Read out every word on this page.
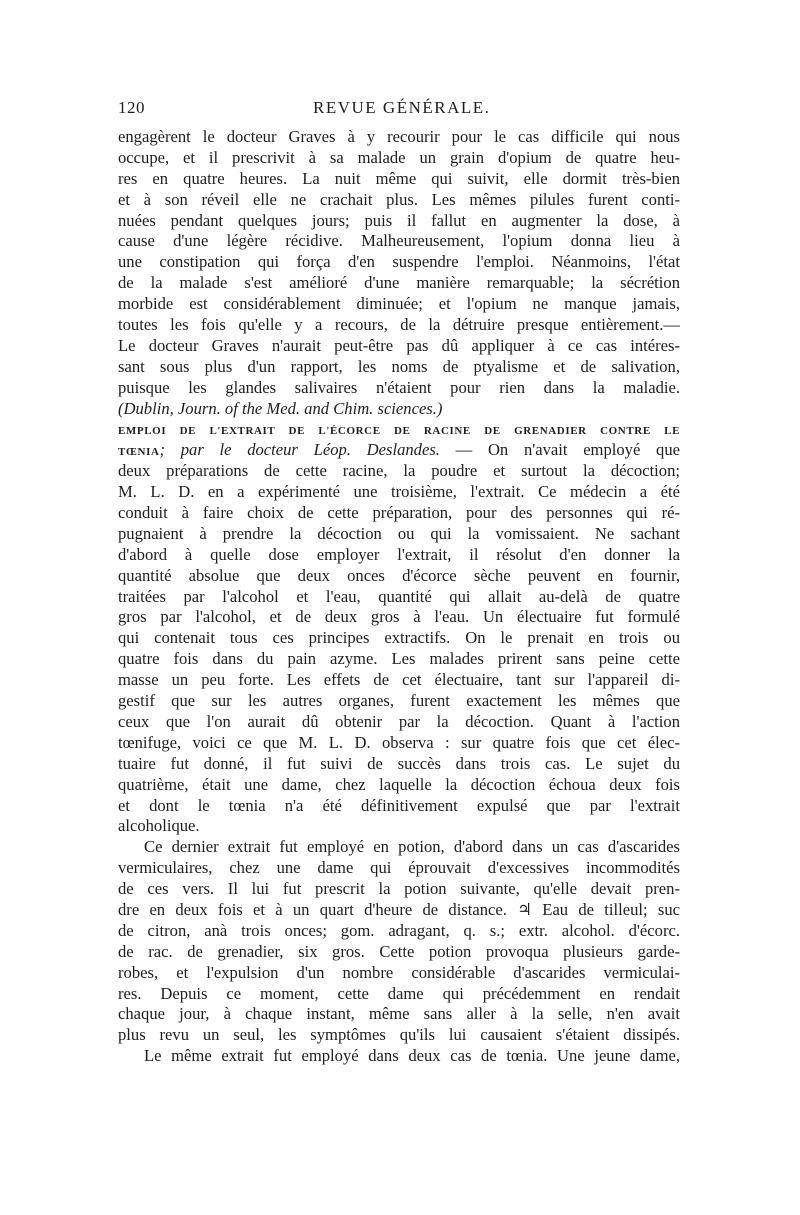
120	REVUE GÉNÉRALE.
engagèrent le docteur Graves à y recourir pour le cas difficile qui nous
occupe, et il prescrivit à sa malade un grain d'opium de quatre heu-
res en quatre heures. La nuit même qui suivit, elle dormit très-bien
et à son réveil elle ne crachait plus. Les mêmes pilules furent conti-
nuées pendant quelques jours; puis il fallut en augmenter la dose, à
cause d'une légère récidive. Malheureusement, l'opium donna lieu à
une constipation qui força d'en suspendre l'emploi. Néanmoins, l'état
de la malade s'est amélioré d'une manière remarquable; la sécrétion
morbide est considérablement diminuée; et l'opium ne manque jamais,
toutes les fois qu'elle y a recours, de la détruire presque entièrement.—
Le docteur Graves n'aurait peut-être pas dû appliquer à ce cas intéres-
sant sous plus d'un rapport, les noms de ptyalisme et de salivation,
puisque les glandes salivaires n'étaient pour rien dans la maladie.
(Dublin, Journ. of the Med. and Chim. sciences.)
EMPLOI DE L'EXTRAIT DE L'ÉCORCE DE RACINE DE GRENADIER CONTRE LE
TŒNIA; par le docteur Léop. Deslandes. — On n'avait employé que
deux préparations de cette racine, la poudre et surtout la décoction;
M. L. D. en a expérimenté une troisième, l'extrait. Ce médecin a été
conduit à faire choix de cette préparation, pour des personnes qui ré-
pugnaient à prendre la décoction ou qui la vomissaient. Ne sachant
d'abord à quelle dose employer l'extrait, il résolut d'en donner la
quantité absolue que deux onces d'écorce sèche peuvent en fournir,
traitées par l'alcohol et l'eau, quantité qui allait au-delà de quatre
gros par l'alcohol, et de deux gros à l'eau. Un électuaire fut formulé
qui contenait tous ces principes extractifs. On le prenait en trois ou
quatre fois dans du pain azyme. Les malades prirent sans peine cette
masse un peu forte. Les effets de cet électuaire, tant sur l'appareil di-
gestif que sur les autres organes, furent exactement les mêmes que
ceux que l'on aurait dû obtenir par la décoction. Quant à l'action
tœnifuge, voici ce que M. L. D. observa : sur quatre fois que cet élec-
tuaire fut donné, il fut suivi de succès dans trois cas. Le sujet du
quatrième, était une dame, chez laquelle la décoction échoua deux fois
et dont le tœnia n'a été définitivement expulsé que par l'extrait
alcoholique.
Ce dernier extrait fut employé en potion, d'abord dans un cas d'ascarides
vermiculaires, chez une dame qui éprouvait d'excessives incommodités
de ces vers. Il lui fut prescrit la potion suivante, qu'elle devait pren-
dre en deux fois et à un quart d'heure de distance. ♃ Eau de tilleul; suc
de citron, anà trois onces; gom. adragant, q. s.; extr. alcohol. d'écorc.
de rac. de grenadier, six gros. Cette potion provoqua plusieurs garde-
robes, et l'expulsion d'un nombre considérable d'ascarides vermiculai-
res. Depuis ce moment, cette dame qui précédemment en rendait
chaque jour, à chaque instant, même sans aller à la selle, n'en avait
plus revu un seul, les symptômes qu'ils lui causaient s'étaient dissipés.
Le même extrait fut employé dans deux cas de tœnia. Une jeune dame,
